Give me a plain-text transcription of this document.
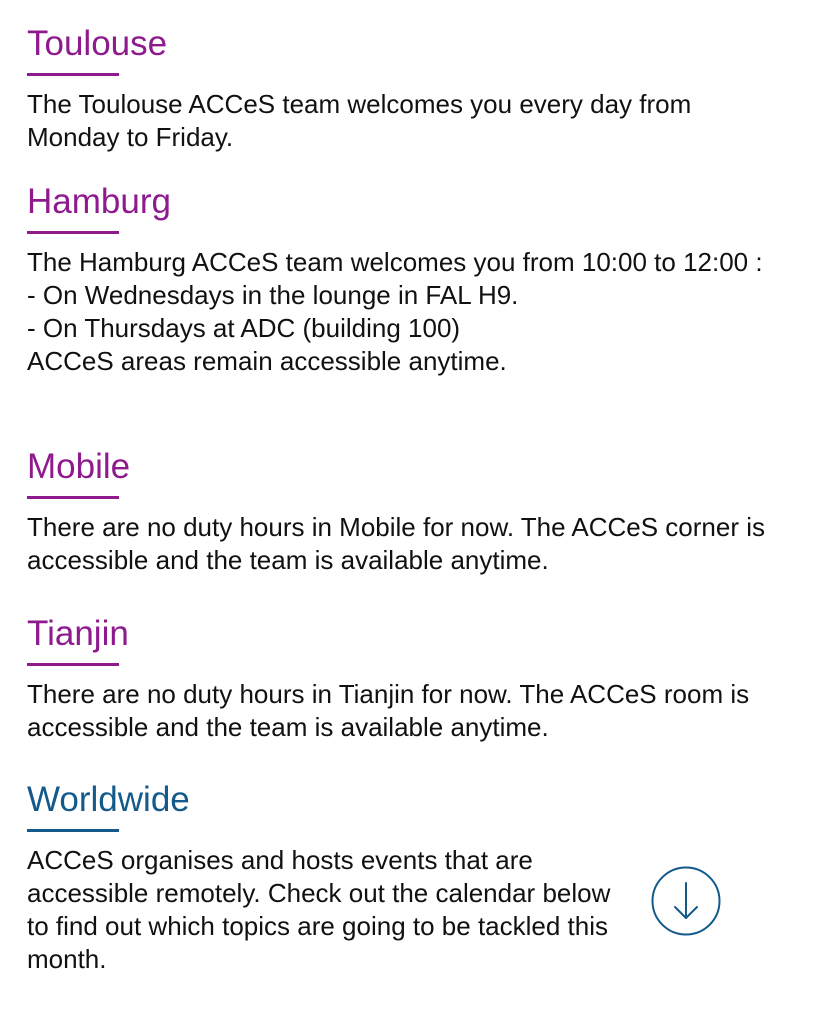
Toulouse

The Toulouse ACCeS team welcomes you every day from Monday to Friday.

Hamburg

The Hamburg ACCeS team welcomes you from 10:00 to 12:00 :

- On Wednesdays in the lounge in FAL H9.

- On Thursdays at ADC (building 100)

ACCeS areas remain accessible anytime.

Mobile

There are no duty hours in Mobile for now. The ACCeS corner is accessible and the team is available anytime.

Tianjin

There are no duty hours in Tianjin for now. The ACCeS room is accessible and the team is available anytime.

Worldwide

ACCeS organises and hosts events that are accessible remotely. Check out the calendar below to find out which topics are going to be tackled this month.
